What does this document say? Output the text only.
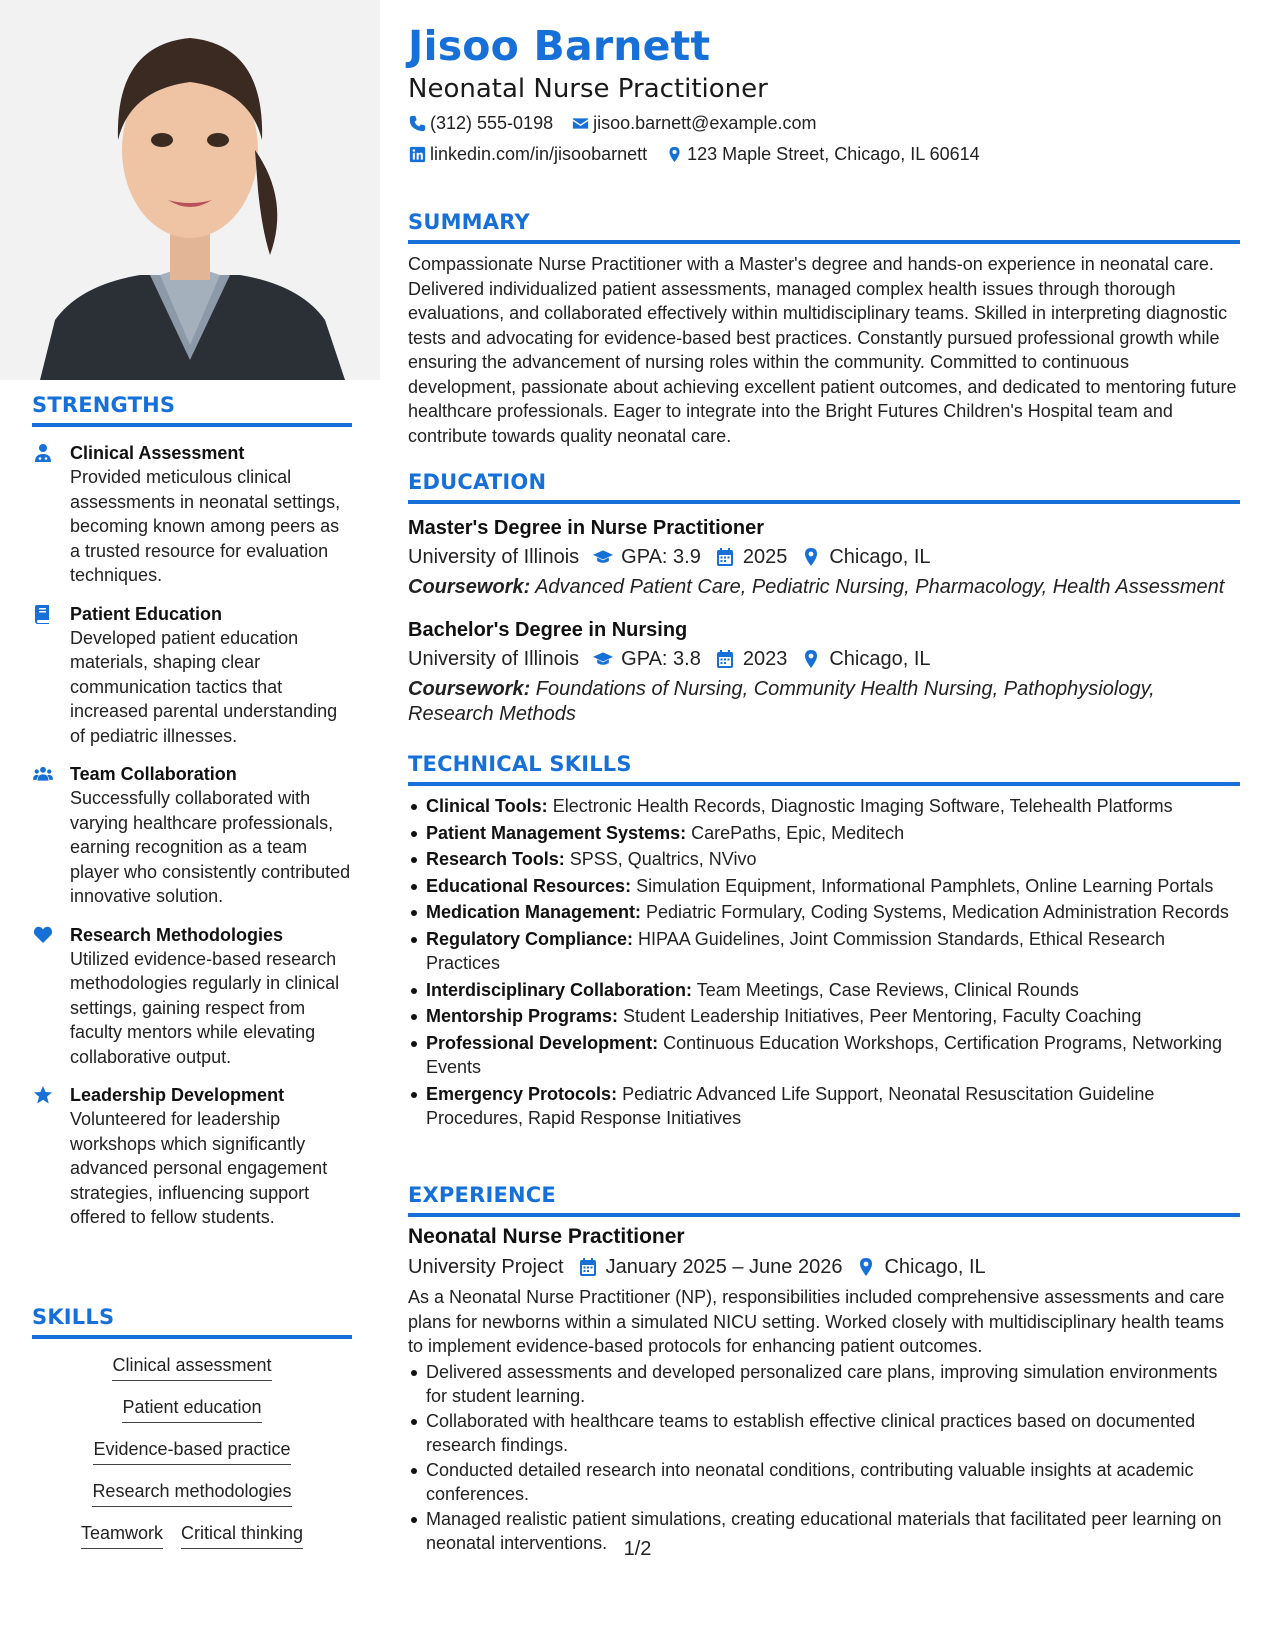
STRENGTHS
Clinical Assessment
Provided meticulous clinical assessments in neonatal settings, becoming known among peers as a trusted resource for evaluation techniques.
Patient Education
Developed patient education materials, shaping clear communication tactics that increased parental understanding of pediatric illnesses.
Team Collaboration
Successfully collaborated with varying healthcare professionals, earning recognition as a team player who consistently contributed innovative solution.
Research Methodologies
Utilized evidence-based research methodologies regularly in clinical settings, gaining respect from faculty mentors while elevating collaborative output.
Leadership Development
Volunteered for leadership workshops which significantly advanced personal engagement strategies, influencing support offered to fellow students.
SKILLS
Clinical assessment
Patient education
Evidence-based practice
Research methodologies
Teamwork Critical thinking
Jisoo Barnett
Neonatal Nurse Practitioner
(312) 555-0198 jisoo.barnett@example.com
linkedin.com/in/jisoobarnett 123 Maple Street, Chicago, IL 60614
SUMMARY
Compassionate Nurse Practitioner with a Master's degree and hands-on experience in neonatal care. Delivered individualized patient assessments, managed complex health issues through thorough evaluations, and collaborated effectively within multidisciplinary teams. Skilled in interpreting diagnostic tests and advocating for evidence-based best practices. Constantly pursued professional growth while ensuring the advancement of nursing roles within the community. Committed to continuous development, passionate about achieving excellent patient outcomes, and dedicated to mentoring future healthcare professionals. Eager to integrate into the Bright Futures Children's Hospital team and contribute towards quality neonatal care.
EDUCATION
Master's Degree in Nurse Practitioner
University of Illinois GPA: 3.9 2025 Chicago, IL
Coursework: Advanced Patient Care, Pediatric Nursing, Pharmacology, Health Assessment
Bachelor's Degree in Nursing
University of Illinois GPA: 3.8 2023 Chicago, IL
Coursework: Foundations of Nursing, Community Health Nursing, Pathophysiology, Research Methods
TECHNICAL SKILLS
Clinical Tools: Electronic Health Records, Diagnostic Imaging Software, Telehealth Platforms
Patient Management Systems: CarePaths, Epic, Meditech
Research Tools: SPSS, Qualtrics, NVivo
Educational Resources: Simulation Equipment, Informational Pamphlets, Online Learning Portals
Medication Management: Pediatric Formulary, Coding Systems, Medication Administration Records
Regulatory Compliance: HIPAA Guidelines, Joint Commission Standards, Ethical Research Practices
Interdisciplinary Collaboration: Team Meetings, Case Reviews, Clinical Rounds
Mentorship Programs: Student Leadership Initiatives, Peer Mentoring, Faculty Coaching
Professional Development: Continuous Education Workshops, Certification Programs, Networking Events
Emergency Protocols: Pediatric Advanced Life Support, Neonatal Resuscitation Guideline Procedures, Rapid Response Initiatives
EXPERIENCE
Neonatal Nurse Practitioner
University Project January 2025 – June 2026 Chicago, IL
As a Neonatal Nurse Practitioner (NP), responsibilities included comprehensive assessments and care plans for newborns within a simulated NICU setting. Worked closely with multidisciplinary health teams to implement evidence-based protocols for enhancing patient outcomes.
Delivered assessments and developed personalized care plans, improving simulation environments for student learning.
Collaborated with healthcare teams to establish effective clinical practices based on documented research findings.
Conducted detailed research into neonatal conditions, contributing valuable insights at academic conferences.
Managed realistic patient simulations, creating educational materials that facilitated peer learning on neonatal interventions. 1/2
